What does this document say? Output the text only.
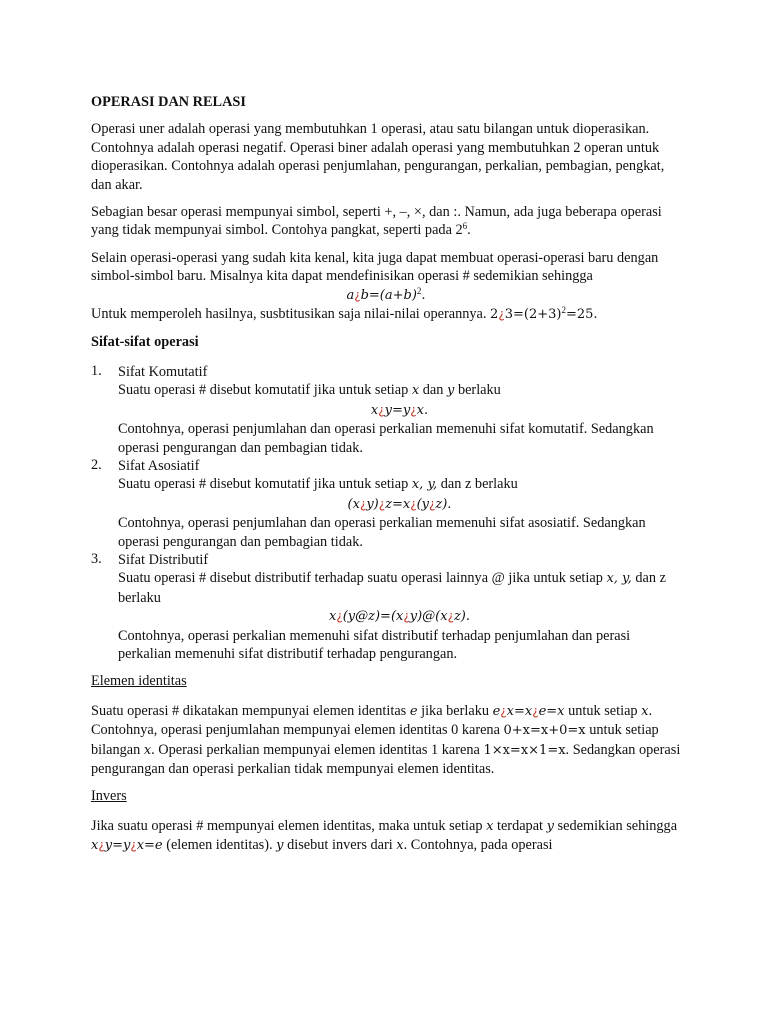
OPERASI DAN RELASI

Operasi uner adalah operasi yang membutuhkan 1 operasi, atau satu bilangan untuk dioperasikan. Contohnya adalah operasi negatif. Operasi biner adalah operasi yang membutuhkan 2 operan untuk dioperasikan. Contohnya adalah operasi penjumlahan, pengurangan, perkalian, pembagian, pengkat, dan akar.

Sebagian besar operasi mempunyai simbol, seperti +, –, ×, dan :. Namun, ada juga beberapa operasi yang tidak mempunyai simbol. Contohya pangkat, seperti pada $2^6$.

Selain operasi-operasi yang sudah kita kenal, kita juga dapat membuat operasi-operasi baru dengan simbol-simbol baru. Misalnya kita dapat mendefinisikan operasi # sedemikian sehingga

$a¿b=(a+b)^2$.

Untuk memperoleh hasilnya, susbtitusikan saja nilai-nilai operannya. $2¿3=(2+3)^2=25$.

Sifat-sifat operasi

1. Sifat Komutatif

Suatu operasi # disebut komutatif jika untuk setiap x dan y berlaku

x¿y=y¿x.

Contohnya, operasi penjumlahan dan operasi perkalian memenuhi sifat komutatif. Sedangkan operasi pengurangan dan pembagian tidak.

2. Sifat Asosiatif

Suatu operasi # disebut komutatif jika untuk setiap x, y, dan z berlaku

(x¿y)¿z=x¿(y¿z).

Contohnya, operasi penjumlahan dan operasi perkalian memenuhi sifat asosiatif. Sedangkan operasi pengurangan dan pembagian tidak.

3. Sifat Distributif

Suatu operasi # disebut distributif terhadap suatu operasi lainnya @ jika untuk setiap x, y, dan z berlaku

x¿(y@z)=(x¿y)@(x¿z).

Contohnya, operasi perkalian memenuhi sifat distributif terhadap penjumlahan dan perasi perkalian memenuhi sifat distributif terhadap pengurangan.

Elemen identitas

Suatu operasi # dikatakan mempunyai elemen identitas e jika berlaku e¿x=x¿e=x untuk setiap x. Contohnya, operasi penjumlahan mempunyai elemen identitas 0 karena 0+x=x+0=x untuk setiap bilangan x. Operasi perkalian mempunyai elemen identitas 1 karena 1×x=x×1=x. Sedangkan operasi pengurangan dan operasi perkalian tidak mempunyai elemen identitas.

Invers

Jika suatu operasi # mempunyai elemen identitas, maka untuk setiap x terdapat y sedemikian sehingga x¿y=y¿x=e (elemen identitas). y disebut invers dari x. Contohnya, pada operasi
